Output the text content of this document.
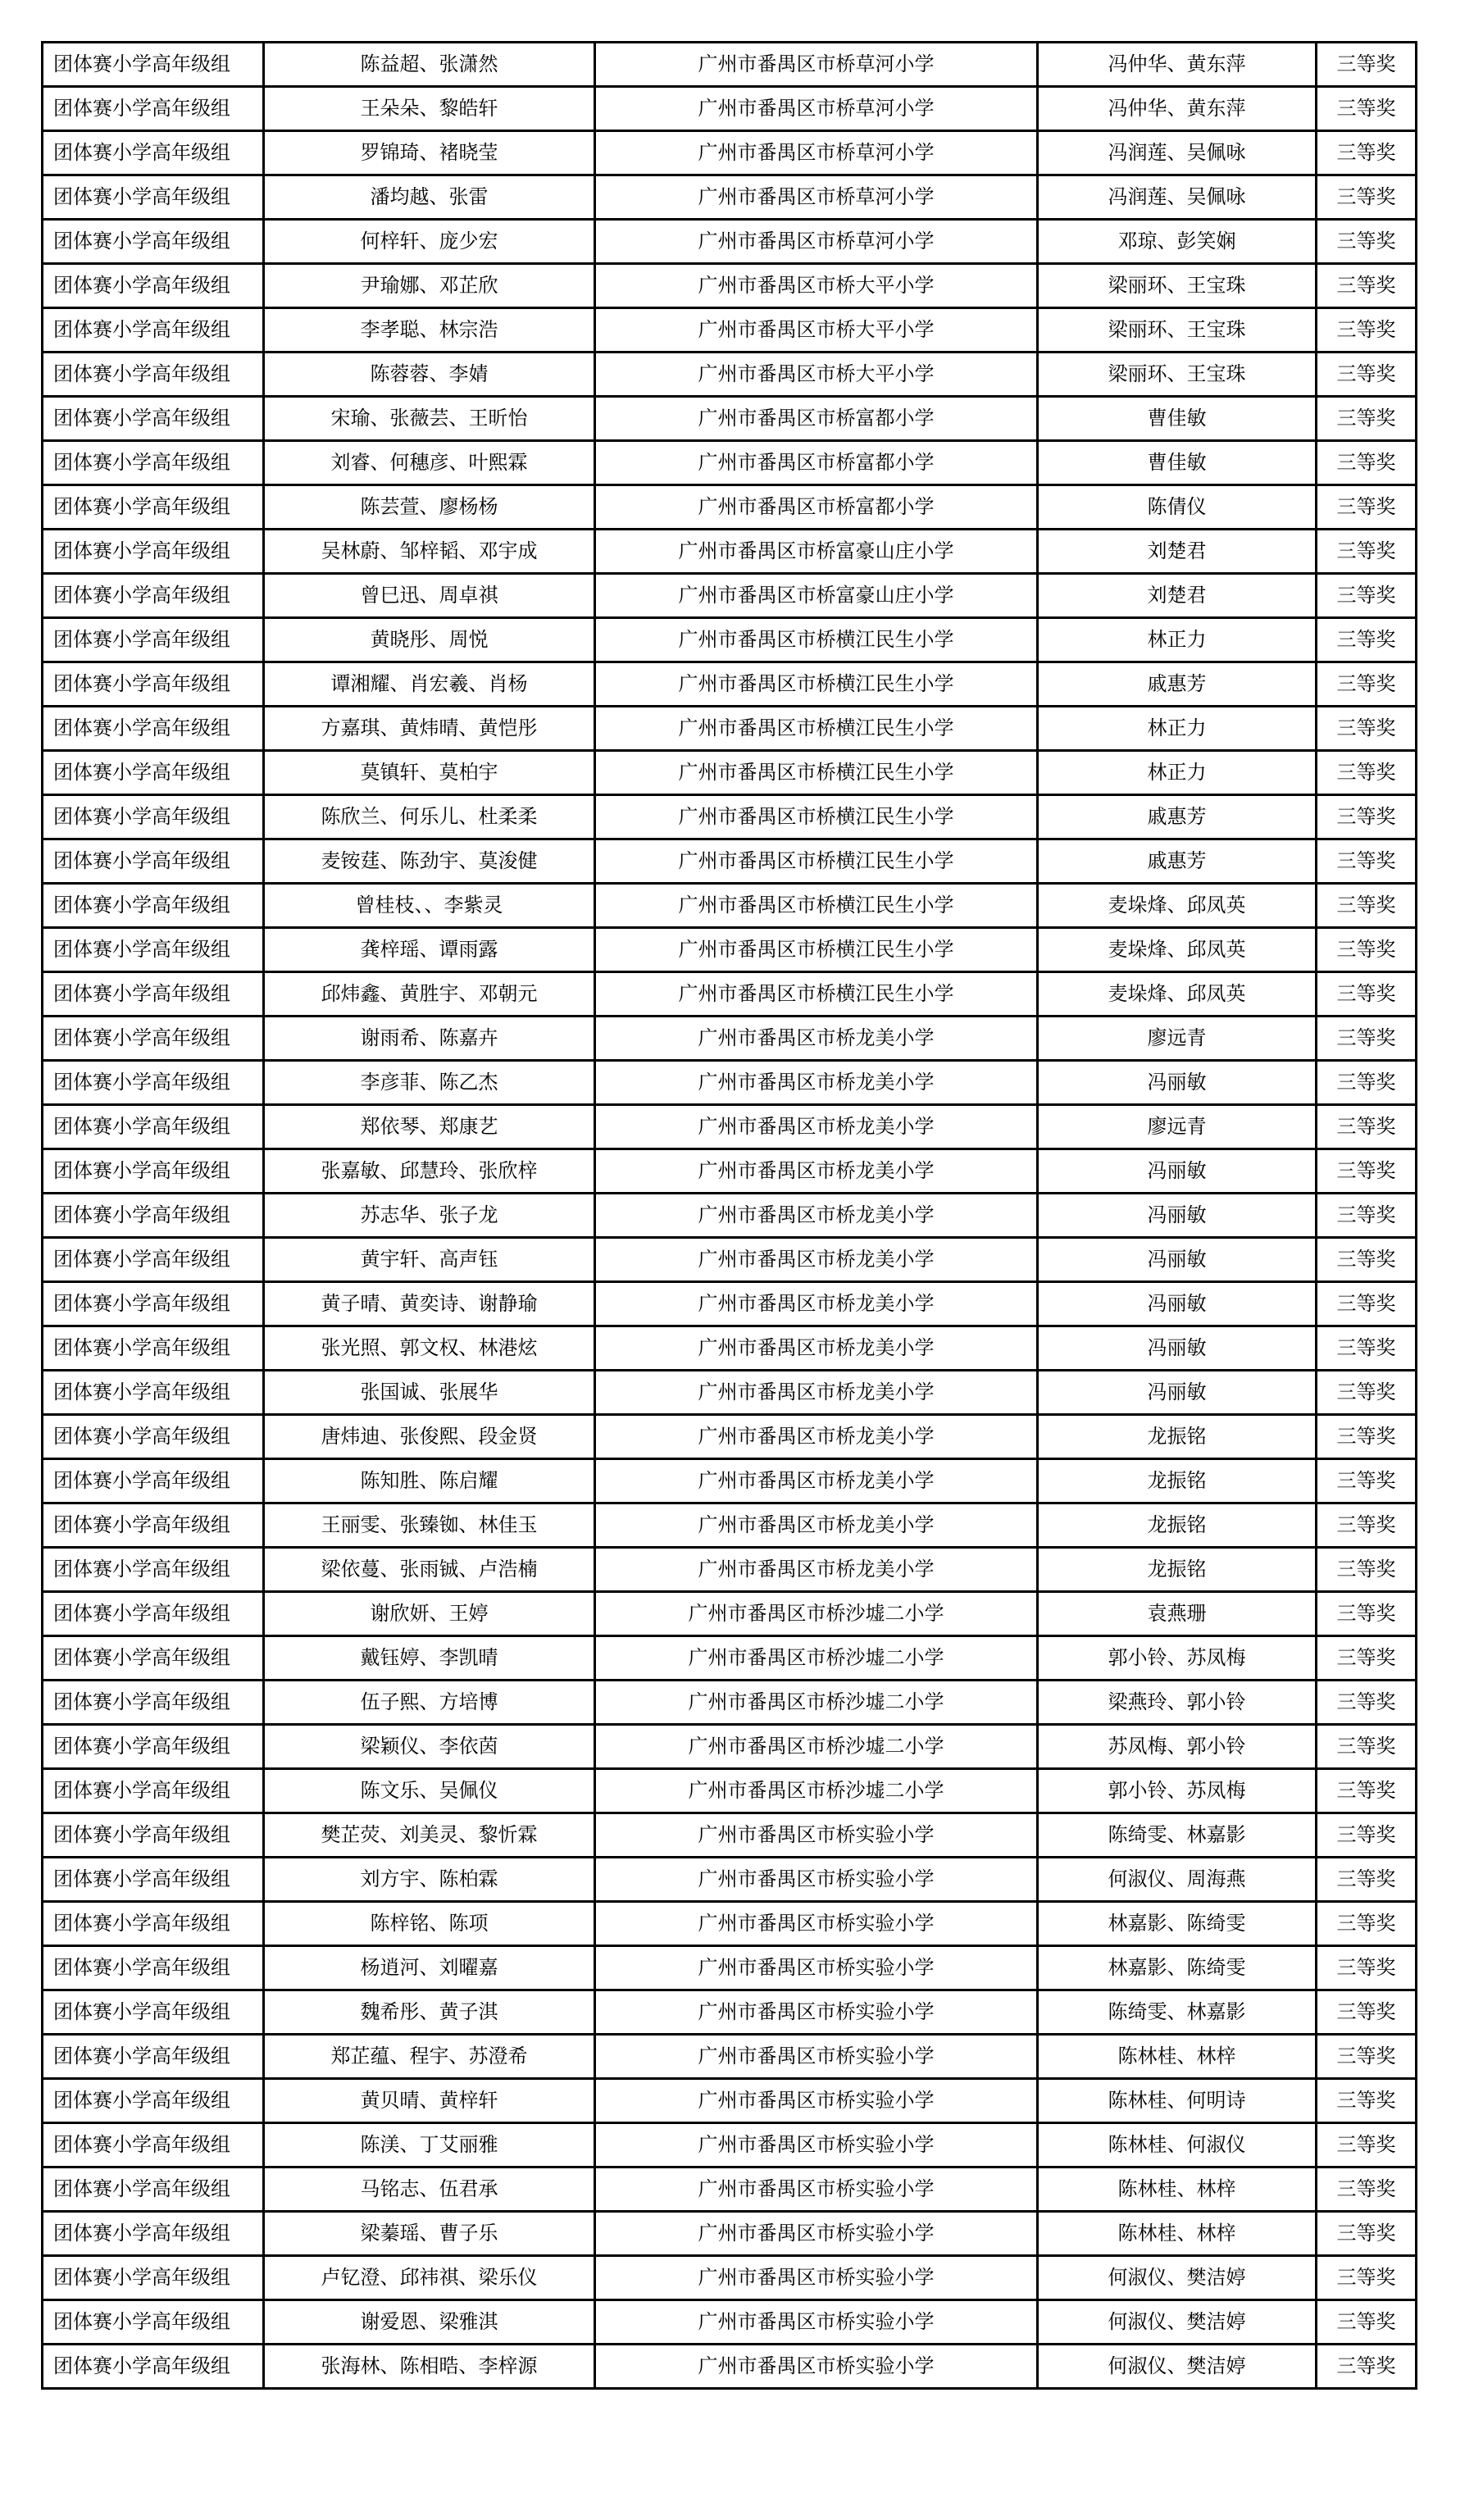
团体赛小学高年级组	陈益超、张潇然	广州市番禺区市桥草河小学	冯仲华、黄东萍	三等奖
团体赛小学高年级组	王朵朵、黎皓轩	广州市番禺区市桥草河小学	冯仲华、黄东萍	三等奖
团体赛小学高年级组	罗锦琦、褚晓莹	广州市番禺区市桥草河小学	冯润莲、吴佩咏	三等奖
团体赛小学高年级组	潘均越、张雷	广州市番禺区市桥草河小学	冯润莲、吴佩咏	三等奖
团体赛小学高年级组	何梓轩、庞少宏	广州市番禺区市桥草河小学	邓琼、彭笑娴	三等奖
团体赛小学高年级组	尹瑜娜、邓芷欣	广州市番禺区市桥大平小学	梁丽环、王宝珠	三等奖
团体赛小学高年级组	李孝聪、林宗浩	广州市番禺区市桥大平小学	梁丽环、王宝珠	三等奖
团体赛小学高年级组	陈蓉蓉、李婧	广州市番禺区市桥大平小学	梁丽环、王宝珠	三等奖
团体赛小学高年级组	宋瑜、张薇芸、王昕怡	广州市番禺区市桥富都小学	曹佳敏	三等奖
团体赛小学高年级组	刘睿、何穗彦、叶熙霖	广州市番禺区市桥富都小学	曹佳敏	三等奖
团体赛小学高年级组	陈芸萱、廖杨杨	广州市番禺区市桥富都小学	陈倩仪	三等奖
团体赛小学高年级组	吴林蔚、邹梓韬、邓宇成	广州市番禺区市桥富豪山庄小学	刘楚君	三等奖
团体赛小学高年级组	曾巳迅、周卓祺	广州市番禺区市桥富豪山庄小学	刘楚君	三等奖
团体赛小学高年级组	黄晓彤、周悦	广州市番禺区市桥横江民生小学	林正力	三等奖
团体赛小学高年级组	谭湘耀、肖宏羲、肖杨	广州市番禺区市桥横江民生小学	戚惠芳	三等奖
团体赛小学高年级组	方嘉琪、黄炜晴、黄恺彤	广州市番禺区市桥横江民生小学	林正力	三等奖
团体赛小学高年级组	莫镇轩、莫柏宇	广州市番禺区市桥横江民生小学	林正力	三等奖
团体赛小学高年级组	陈欣兰、何乐儿、杜柔柔	广州市番禺区市桥横江民生小学	戚惠芳	三等奖
团体赛小学高年级组	麦铵莛、陈劲宇、莫浚健	广州市番禺区市桥横江民生小学	戚惠芳	三等奖
团体赛小学高年级组	曾桂枝、、李紫灵	广州市番禺区市桥横江民生小学	麦垛烽、邱凤英	三等奖
团体赛小学高年级组	龚梓瑶、谭雨露	广州市番禺区市桥横江民生小学	麦垛烽、邱凤英	三等奖
团体赛小学高年级组	邱炜鑫、黄胜宇、邓朝元	广州市番禺区市桥横江民生小学	麦垛烽、邱凤英	三等奖
团体赛小学高年级组	谢雨希、陈嘉卉	广州市番禺区市桥龙美小学	廖远青	三等奖
团体赛小学高年级组	李彦菲、陈乙杰	广州市番禺区市桥龙美小学	冯丽敏	三等奖
团体赛小学高年级组	郑依琴、郑康艺	广州市番禺区市桥龙美小学	廖远青	三等奖
团体赛小学高年级组	张嘉敏、邱慧玲、张欣梓	广州市番禺区市桥龙美小学	冯丽敏	三等奖
团体赛小学高年级组	苏志华、张子龙	广州市番禺区市桥龙美小学	冯丽敏	三等奖
团体赛小学高年级组	黄宇轩、高声钰	广州市番禺区市桥龙美小学	冯丽敏	三等奖
团体赛小学高年级组	黄子晴、黄奕诗、谢静瑜	广州市番禺区市桥龙美小学	冯丽敏	三等奖
团体赛小学高年级组	张光照、郭文权、林港炫	广州市番禺区市桥龙美小学	冯丽敏	三等奖
团体赛小学高年级组	张国诚、张展华	广州市番禺区市桥龙美小学	冯丽敏	三等奖
团体赛小学高年级组	唐炜迪、张俊熙、段金贤	广州市番禺区市桥龙美小学	龙振铭	三等奖
团体赛小学高年级组	陈知胜、陈启耀	广州市番禺区市桥龙美小学	龙振铭	三等奖
团体赛小学高年级组	王丽雯、张臻铷、林佳玉	广州市番禺区市桥龙美小学	龙振铭	三等奖
团体赛小学高年级组	梁依蔓、张雨铖、卢浩楠	广州市番禺区市桥龙美小学	龙振铭	三等奖
团体赛小学高年级组	谢欣妍、王婷	广州市番禺区市桥沙墟二小学	袁燕珊	三等奖
团体赛小学高年级组	戴钰婷、李凯晴	广州市番禺区市桥沙墟二小学	郭小铃、苏凤梅	三等奖
团体赛小学高年级组	伍子熙、方培博	广州市番禺区市桥沙墟二小学	梁燕玲、郭小铃	三等奖
团体赛小学高年级组	梁颖仪、李依茵	广州市番禺区市桥沙墟二小学	苏凤梅、郭小铃	三等奖
团体赛小学高年级组	陈文乐、吴佩仪	广州市番禺区市桥沙墟二小学	郭小铃、苏凤梅	三等奖
团体赛小学高年级组	樊芷荧、刘美灵、黎忻霖	广州市番禺区市桥实验小学	陈绮雯、林嘉影	三等奖
团体赛小学高年级组	刘方宇、陈柏霖	广州市番禺区市桥实验小学	何淑仪、周海燕	三等奖
团体赛小学高年级组	陈梓铭、陈项	广州市番禺区市桥实验小学	林嘉影、陈绮雯	三等奖
团体赛小学高年级组	杨逍河、刘曜嘉	广州市番禺区市桥实验小学	林嘉影、陈绮雯	三等奖
团体赛小学高年级组	魏希彤、黄子淇	广州市番禺区市桥实验小学	陈绮雯、林嘉影	三等奖
团体赛小学高年级组	郑芷蕴、程宇、苏澄希	广州市番禺区市桥实验小学	陈林桂、林梓	三等奖
团体赛小学高年级组	黄贝晴、黄梓轩	广州市番禺区市桥实验小学	陈林桂、何明诗	三等奖
团体赛小学高年级组	陈渼、丁艾丽雅	广州市番禺区市桥实验小学	陈林桂、何淑仪	三等奖
团体赛小学高年级组	马铭志、伍君承	广州市番禺区市桥实验小学	陈林桂、林梓	三等奖
团体赛小学高年级组	梁蓁瑶、曹子乐	广州市番禺区市桥实验小学	陈林桂、林梓	三等奖
团体赛小学高年级组	卢钇澄、邱祎祺、梁乐仪	广州市番禺区市桥实验小学	何淑仪、樊洁婷	三等奖
团体赛小学高年级组	谢爱恩、梁雅淇	广州市番禺区市桥实验小学	何淑仪、樊洁婷	三等奖
团体赛小学高年级组	张海林、陈相晧、李梓源	广州市番禺区市桥实验小学	何淑仪、樊洁婷	三等奖
